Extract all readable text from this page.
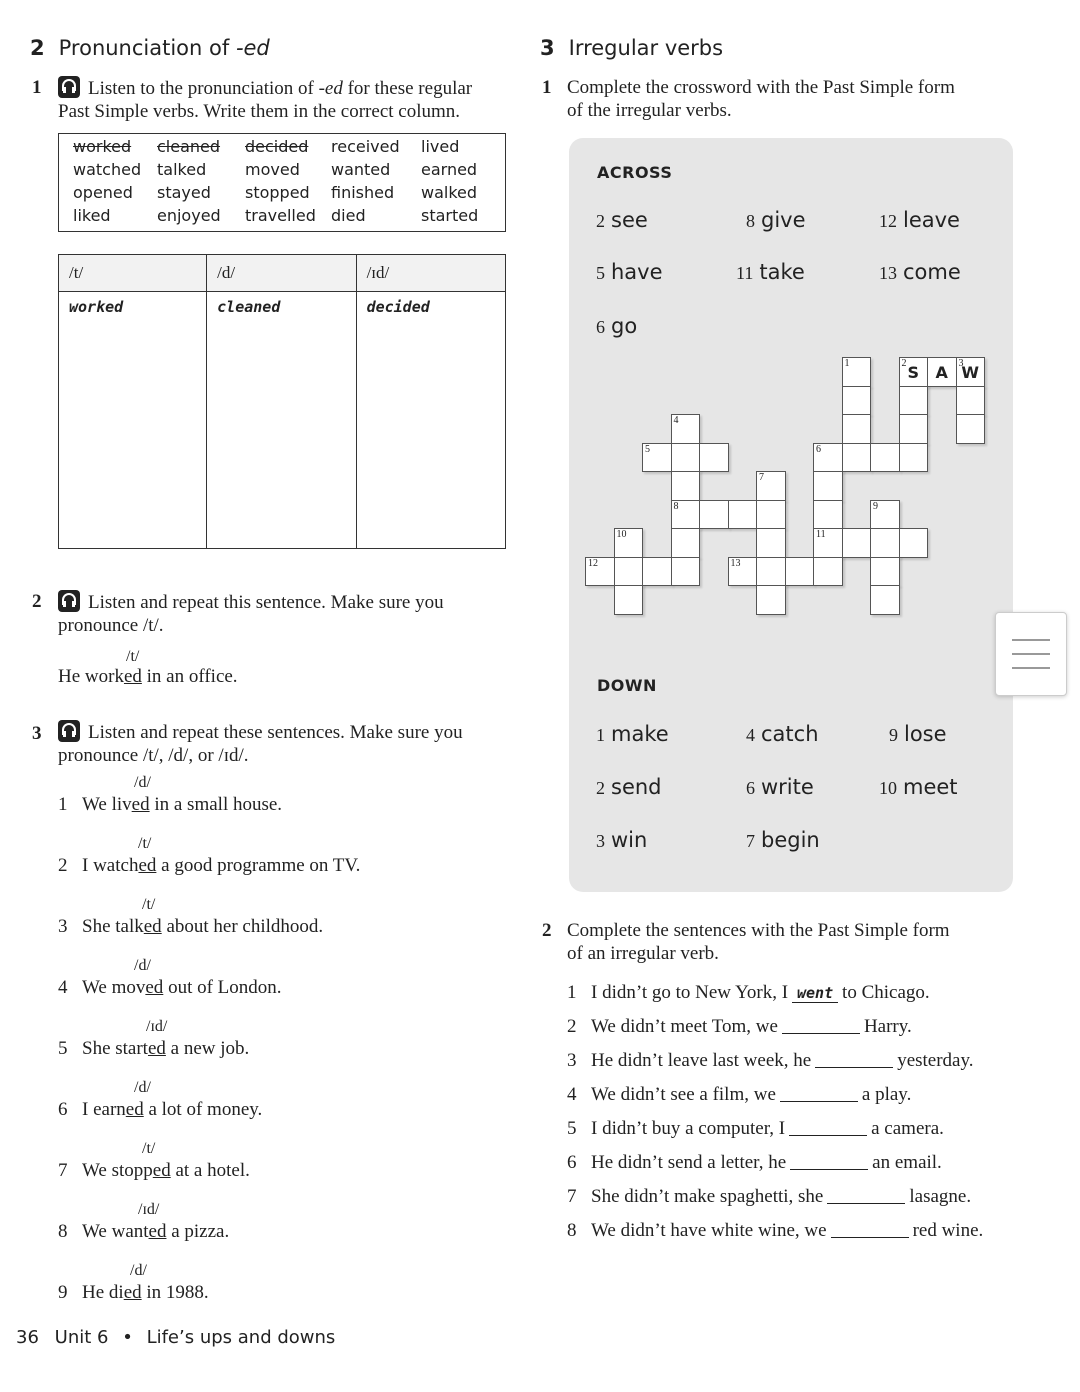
2 Pronunciation of -ed
1	Listen to the pronunciation of -ed for these regular
Past Simple verbs. Write them in the correct column.
worked cleaned decided received lived
watched talked moved wanted earned
opened stayed stopped finished walked
liked	enjoyed travelled died	started
/t/	/d/	/ɪd/
worked	cleaned	decided
2	Listen and repeat this sentence. Make sure you
pronounce /t/.
/t/
He worked in an office.
3	Listen and repeat these sentences. Make sure you
pronounce /t/, /d/, or /ɪd/.
/d/
1 We lived in a small house.
/t/
2 I watched a good programme on TV.
/t/
3 She talked about her childhood.
/d/
4 We moved out of London.
/ɪd/
5 She started a new job.
/d/
6 I earned a lot of money.
/t/
7 We stopped at a hotel.
/ɪd/
8 We wanted a pizza.
/d/
9 He died in 1988.
3 Irregular verbs
1 Complete the crossword with the Past Simple form
of the irregular verbs.
ACROSS
2 see	8 give	12 leave
5 have	11 take	13 come
6 go
1	2 S	A	3
W
4
5	6
7
8	9
10	11
12	13
DOWN
1 make	4 catch	9 lose
2 send	6 write	10 meet
3 win	7 begin
2 Complete the sentences with the Past Simple form
of an irregular verb.
1 I didn’t go to New York, I went to Chicago.
2 We didn’t meet Tom, we	Harry.
3 He didn’t leave last week, he	yesterday.
4 We didn’t see a film, we	a play.
5 I didn’t buy a computer, I	a camera.
6 He didn’t send a letter, he	an email.
7 She didn’t make spaghetti, she	lasagne.
8 We didn’t have white wine, we	red wine.
36 Unit 6 • Life’s ups and downs
